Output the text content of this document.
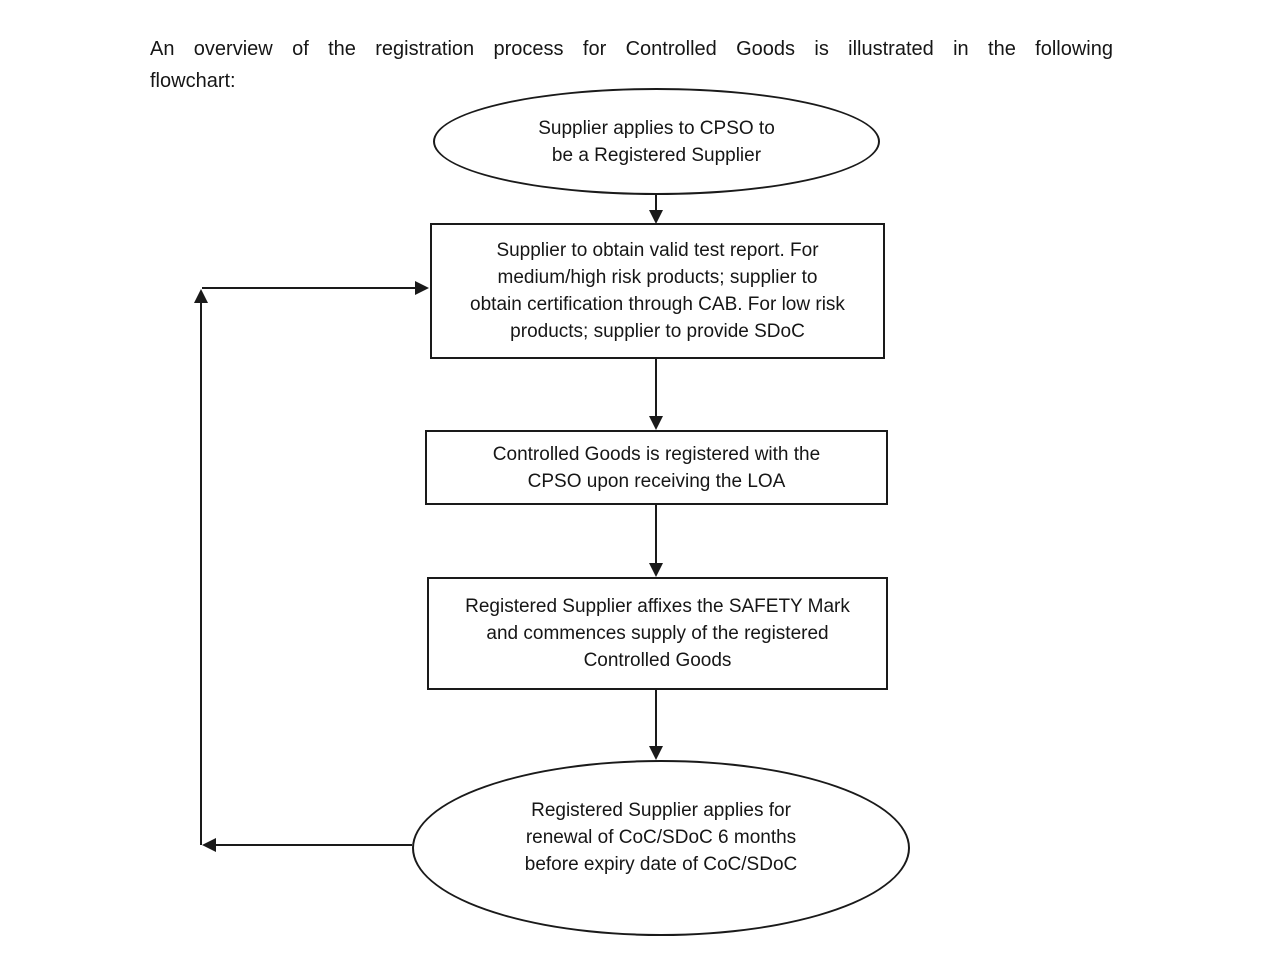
An overview of the registration process for Controlled Goods is illustrated in the following
flowchart:
Supplier applies to CPSO to
be a Registered Supplier
Supplier to obtain valid test report. For
medium/high risk products; supplier to
obtain certification through CAB. For low risk
products; supplier to provide SDoC
Controlled Goods is registered with the
CPSO upon receiving the LOA
Registered Supplier affixes the SAFETY Mark
and commences supply of the registered
Controlled Goods
Registered Supplier applies for
renewal of CoC/SDoC 6 months
before expiry date of CoC/SDoC
